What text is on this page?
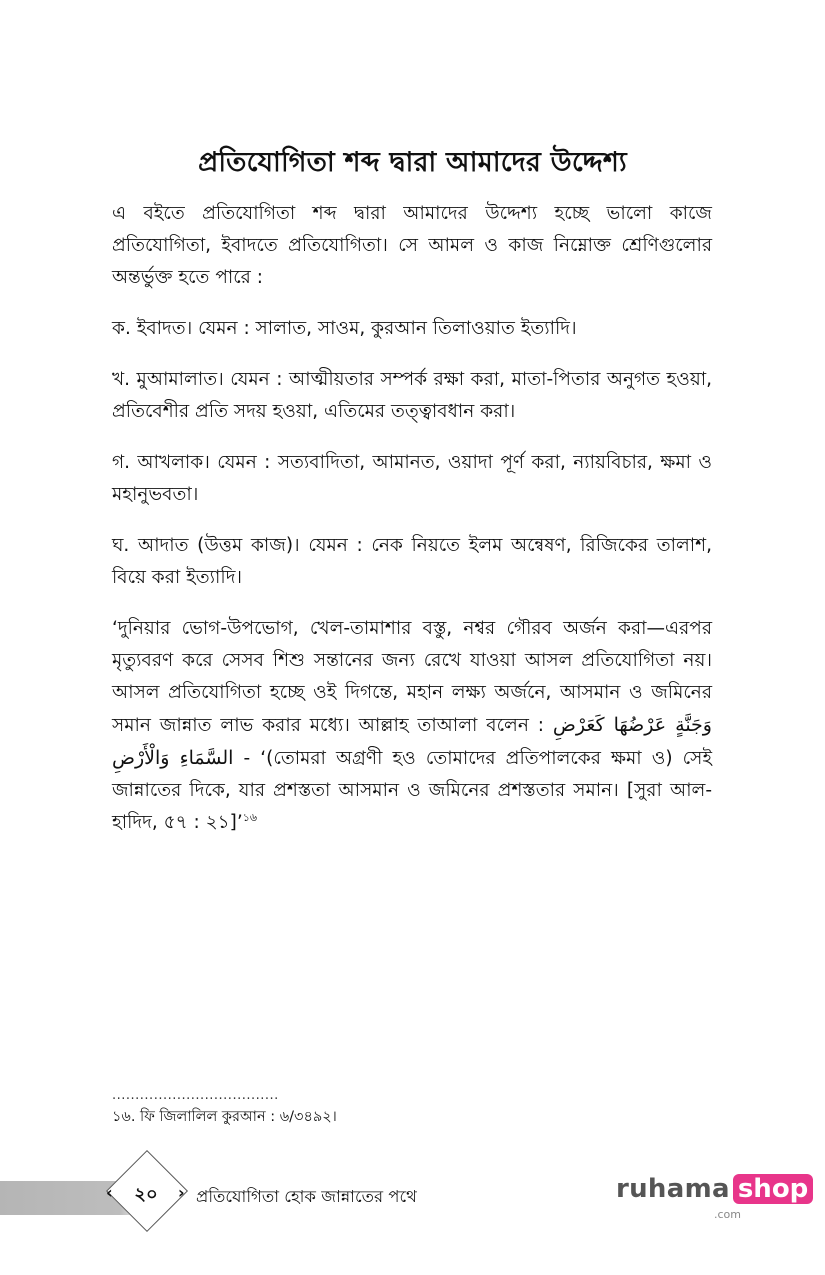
প্রতিযোগিতা শব্দ দ্বারা আমাদের উদ্দেশ্য

এ বইতে প্রতিযোগিতা শব্দ দ্বারা আমাদের উদ্দেশ্য হচ্ছে ভালো কাজে প্রতিযোগিতা, ইবাদতে প্রতিযোগিতা। সে আমল ও কাজ নিম্নোক্ত শ্রেণিগুলোর অন্তর্ভুক্ত হতে পারে :

ক. ইবাদত। যেমন : সালাত, সাওম, কুরআন তিলাওয়াত ইত্যাদি।

খ. মুআমালাত। যেমন : আত্মীয়তার সম্পর্ক রক্ষা করা, মাতা-পিতার অনুগত হওয়া, প্রতিবেশীর প্রতি সদয় হওয়া, এতিমের তত্ত্বাবধান করা।

গ. আখলাক। যেমন : সত্যবাদিতা, আমানত, ওয়াদা পূর্ণ করা, ন্যায়বিচার, ক্ষমা ও মহানুভবতা।

ঘ. আদাত (উত্তম কাজ)। যেমন : নেক নিয়তে ইলম অন্বেষণ, রিজিকের তালাশ, বিয়ে করা ইত্যাদি।

‘দুনিয়ার ভোগ-উপভোগ, খেল-তামাশার বস্তু, নশ্বর গৌরব অর্জন করা—এরপর মৃত্যুবরণ করে সেসব শিশু সন্তানের জন্য রেখে যাওয়া আসল প্রতিযোগিতা নয়। আসল প্রতিযোগিতা হচ্ছে ওই দিগন্তে, মহান লক্ষ্য অর্জনে, আসমান ও জমিনের সমান জান্নাত লাভ করার মধ্যে। আল্লাহ তাআলা বলেন : وَجَنَّةٍ عَرْضُهَا كَعَرْضِ السَّمَاءِ وَالْأَرْضِ - ‘(তোমরা অগ্রণী হও তোমাদের প্রতিপালকের ক্ষমা ও) সেই জান্নাতের দিকে, যার প্রশস্ততা আসমান ও জমিনের প্রশস্ততার সমান। [সুরা আল- হাদিদ, ৫৭ : ২১]’$^{১৬}$

....................................
১৬. ফি জিলালিল কুরআন : ৬/৩৪৯২।
‹	২০	› প্রতিযোগিতা হোক জান্নাতের পথে	ruhama shop
.com
